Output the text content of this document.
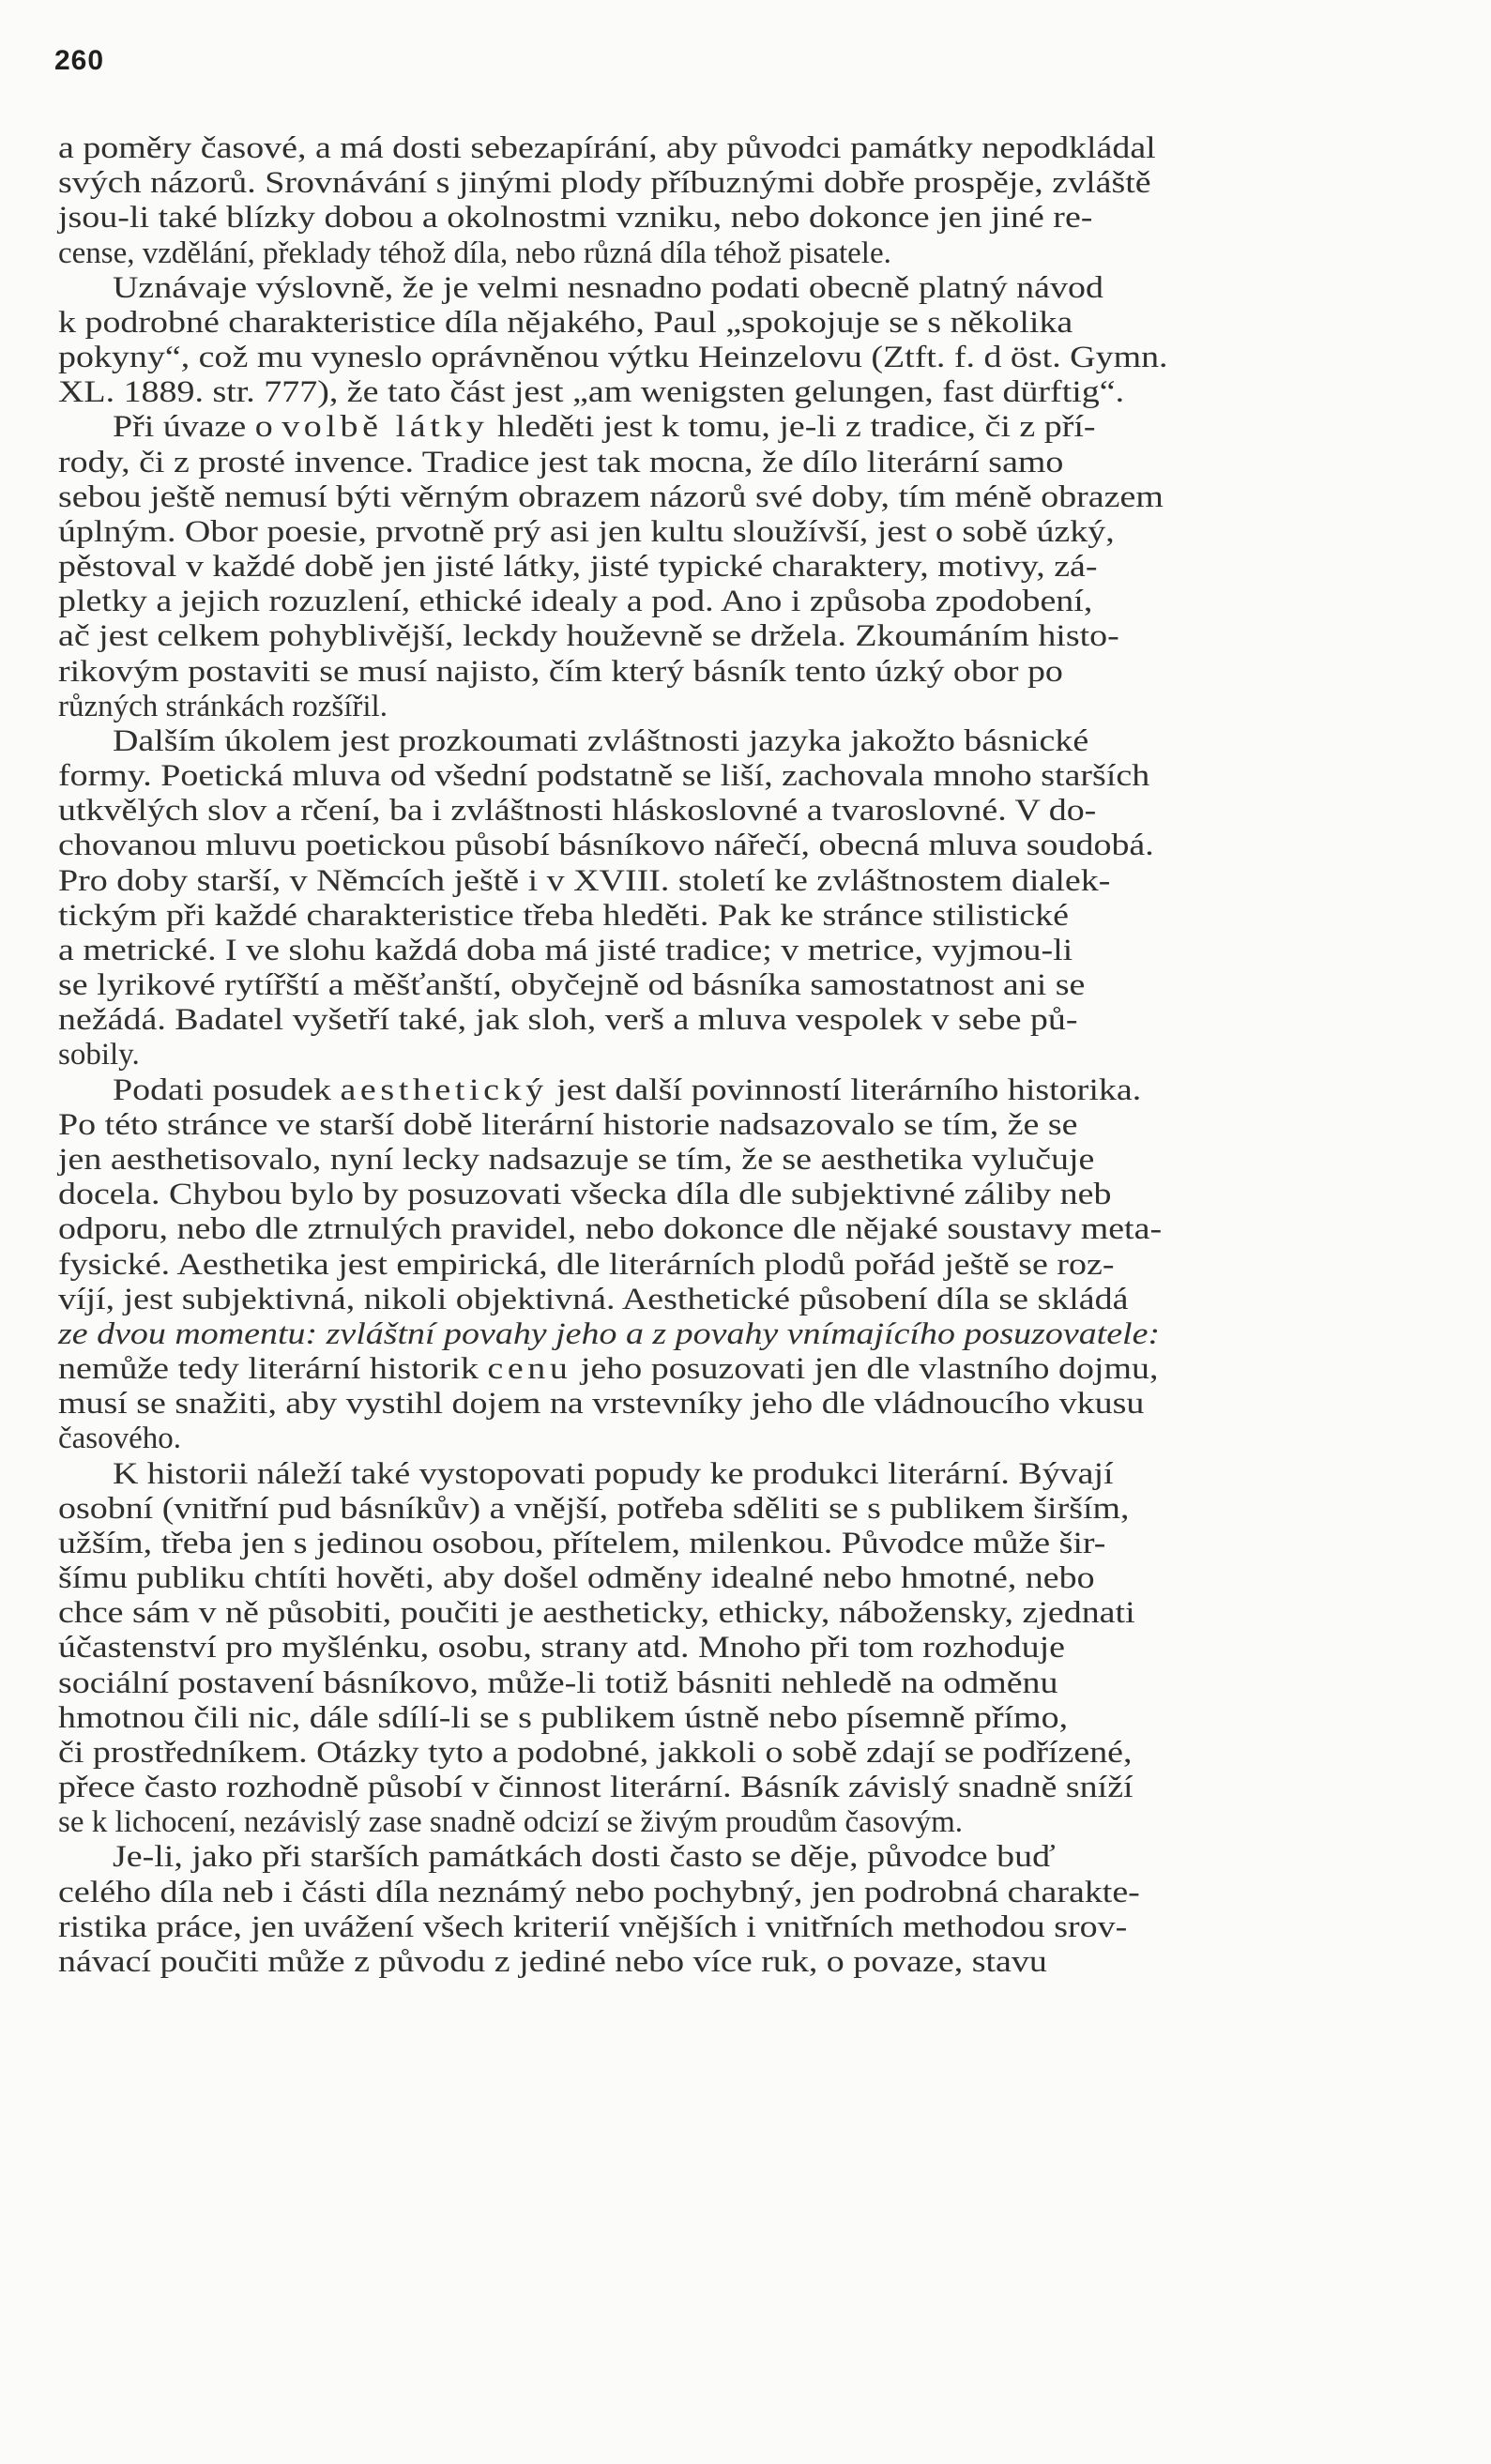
260
a poměry časové, a má dosti sebezapírání, aby původci památky nepodkládal
svých názorů. Srovnávání s jinými plody příbuznými dobře prospěje, zvláště
jsou-li také blízky dobou a okolnostmi vzniku, nebo dokonce jen jiné re-
cense, vzdělání, překlady téhož díla, nebo různá díla téhož pisatele.
Uznávaje výslovně, že je velmi nesnadno podati obecně platný návod
k podrobné charakteristice díla nějakého, Paul „spokojuje se s několika
pokyny“, což mu vyneslo oprávněnou výtku Heinzelovu (Ztft. f. d öst. Gymn.
XL. 1889. str. 777), že tato část jest „am wenigsten gelungen, fast dürftig“.
Při úvaze o volbě látky hleděti jest k tomu, je-li z tradice, či z pří-
rody, či z prosté invence. Tradice jest tak mocna, že dílo literární samo
sebou ještě nemusí býti věrným obrazem názorů své doby, tím méně obrazem
úplným. Obor poesie, prvotně prý asi jen kultu sloužívší, jest o sobě úzký,
pěstoval v každé době jen jisté látky, jisté typické charaktery, motivy, zá-
pletky a jejich rozuzlení, ethické idealy a pod. Ano i způsoba zpodobení,
ač jest celkem pohyblivější, leckdy houževně se držela. Zkoumáním histo-
rikovým postaviti se musí najisto, čím který básník tento úzký obor po
různých stránkách rozšířil.
Dalším úkolem jest prozkoumati zvláštnosti jazyka jakožto básnické
formy. Poetická mluva od všední podstatně se liší, zachovala mnoho starších
utkvělých slov a rčení, ba i zvláštnosti hláskoslovné a tvaroslovné. V do-
chovanou mluvu poetickou působí básníkovo nářečí, obecná mluva soudobá.
Pro doby starší, v Němcích ještě i v XVIII. století ke zvláštnostem dialek-
tickým při každé charakteristice třeba hleděti. Pak ke stránce stilistické
a metrické. I ve slohu každá doba má jisté tradice; v metrice, vyjmou-li
se lyrikové rytířští a měšťanští, obyčejně od básníka samostatnost ani se
nežádá. Badatel vyšetří také, jak sloh, verš a mluva vespolek v sebe pů-
sobily.
Podati posudek aesthetický jest další povinností literárního historika.
Po této stránce ve starší době literární historie nadsazovalo se tím, že se
jen aesthetisovalo, nyní lecky nadsazuje se tím, že se aesthetika vylučuje
docela. Chybou bylo by posuzovati všecka díla dle subjektivné záliby neb
odporu, nebo dle ztrnulých pravidel, nebo dokonce dle nějaké soustavy meta-
fysické. Aesthetika jest empirická, dle literárních plodů pořád ještě se roz-
víjí, jest subjektivná, nikoli objektivná. Aesthetické působení díla se skládá
ze dvou momentu: zvláštní povahy jeho a z povahy vnímajícího posuzovatele:
nemůže tedy literární historik cenu jeho posuzovati jen dle vlastního dojmu,
musí se snažiti, aby vystihl dojem na vrstevníky jeho dle vládnoucího vkusu
časového.
K historii náleží také vystopovati popudy ke produkci literární. Bývají
osobní (vnitřní pud básníkův) a vnější, potřeba sděliti se s publikem širším,
užším, třeba jen s jedinou osobou, přítelem, milenkou. Původce může šir-
šímu publiku chtíti hověti, aby došel odměny idealné nebo hmotné, nebo
chce sám v ně působiti, poučiti je aestheticky, ethicky, nábožensky, zjednati
účastenství pro myšlénku, osobu, strany atd. Mnoho při tom rozhoduje
sociální postavení básníkovo, může-li totiž básniti nehledě na odměnu
hmotnou čili nic, dále sdílí-li se s publikem ústně nebo písemně přímo,
či prostředníkem. Otázky tyto a podobné, jakkoli o sobě zdají se podřízené,
přece často rozhodně působí v činnost literární. Básník závislý snadně sníží
se k lichocení, nezávislý zase snadně odcizí se živým proudům časovým.
Je-li, jako při starších památkách dosti často se děje, původce buď
celého díla neb i části díla neznámý nebo pochybný, jen podrobná charakte-
ristika práce, jen uvážení všech kriterií vnějších i vnitřních methodou srov-
návací poučiti může z původu z jediné nebo více ruk, o povaze, stavu
